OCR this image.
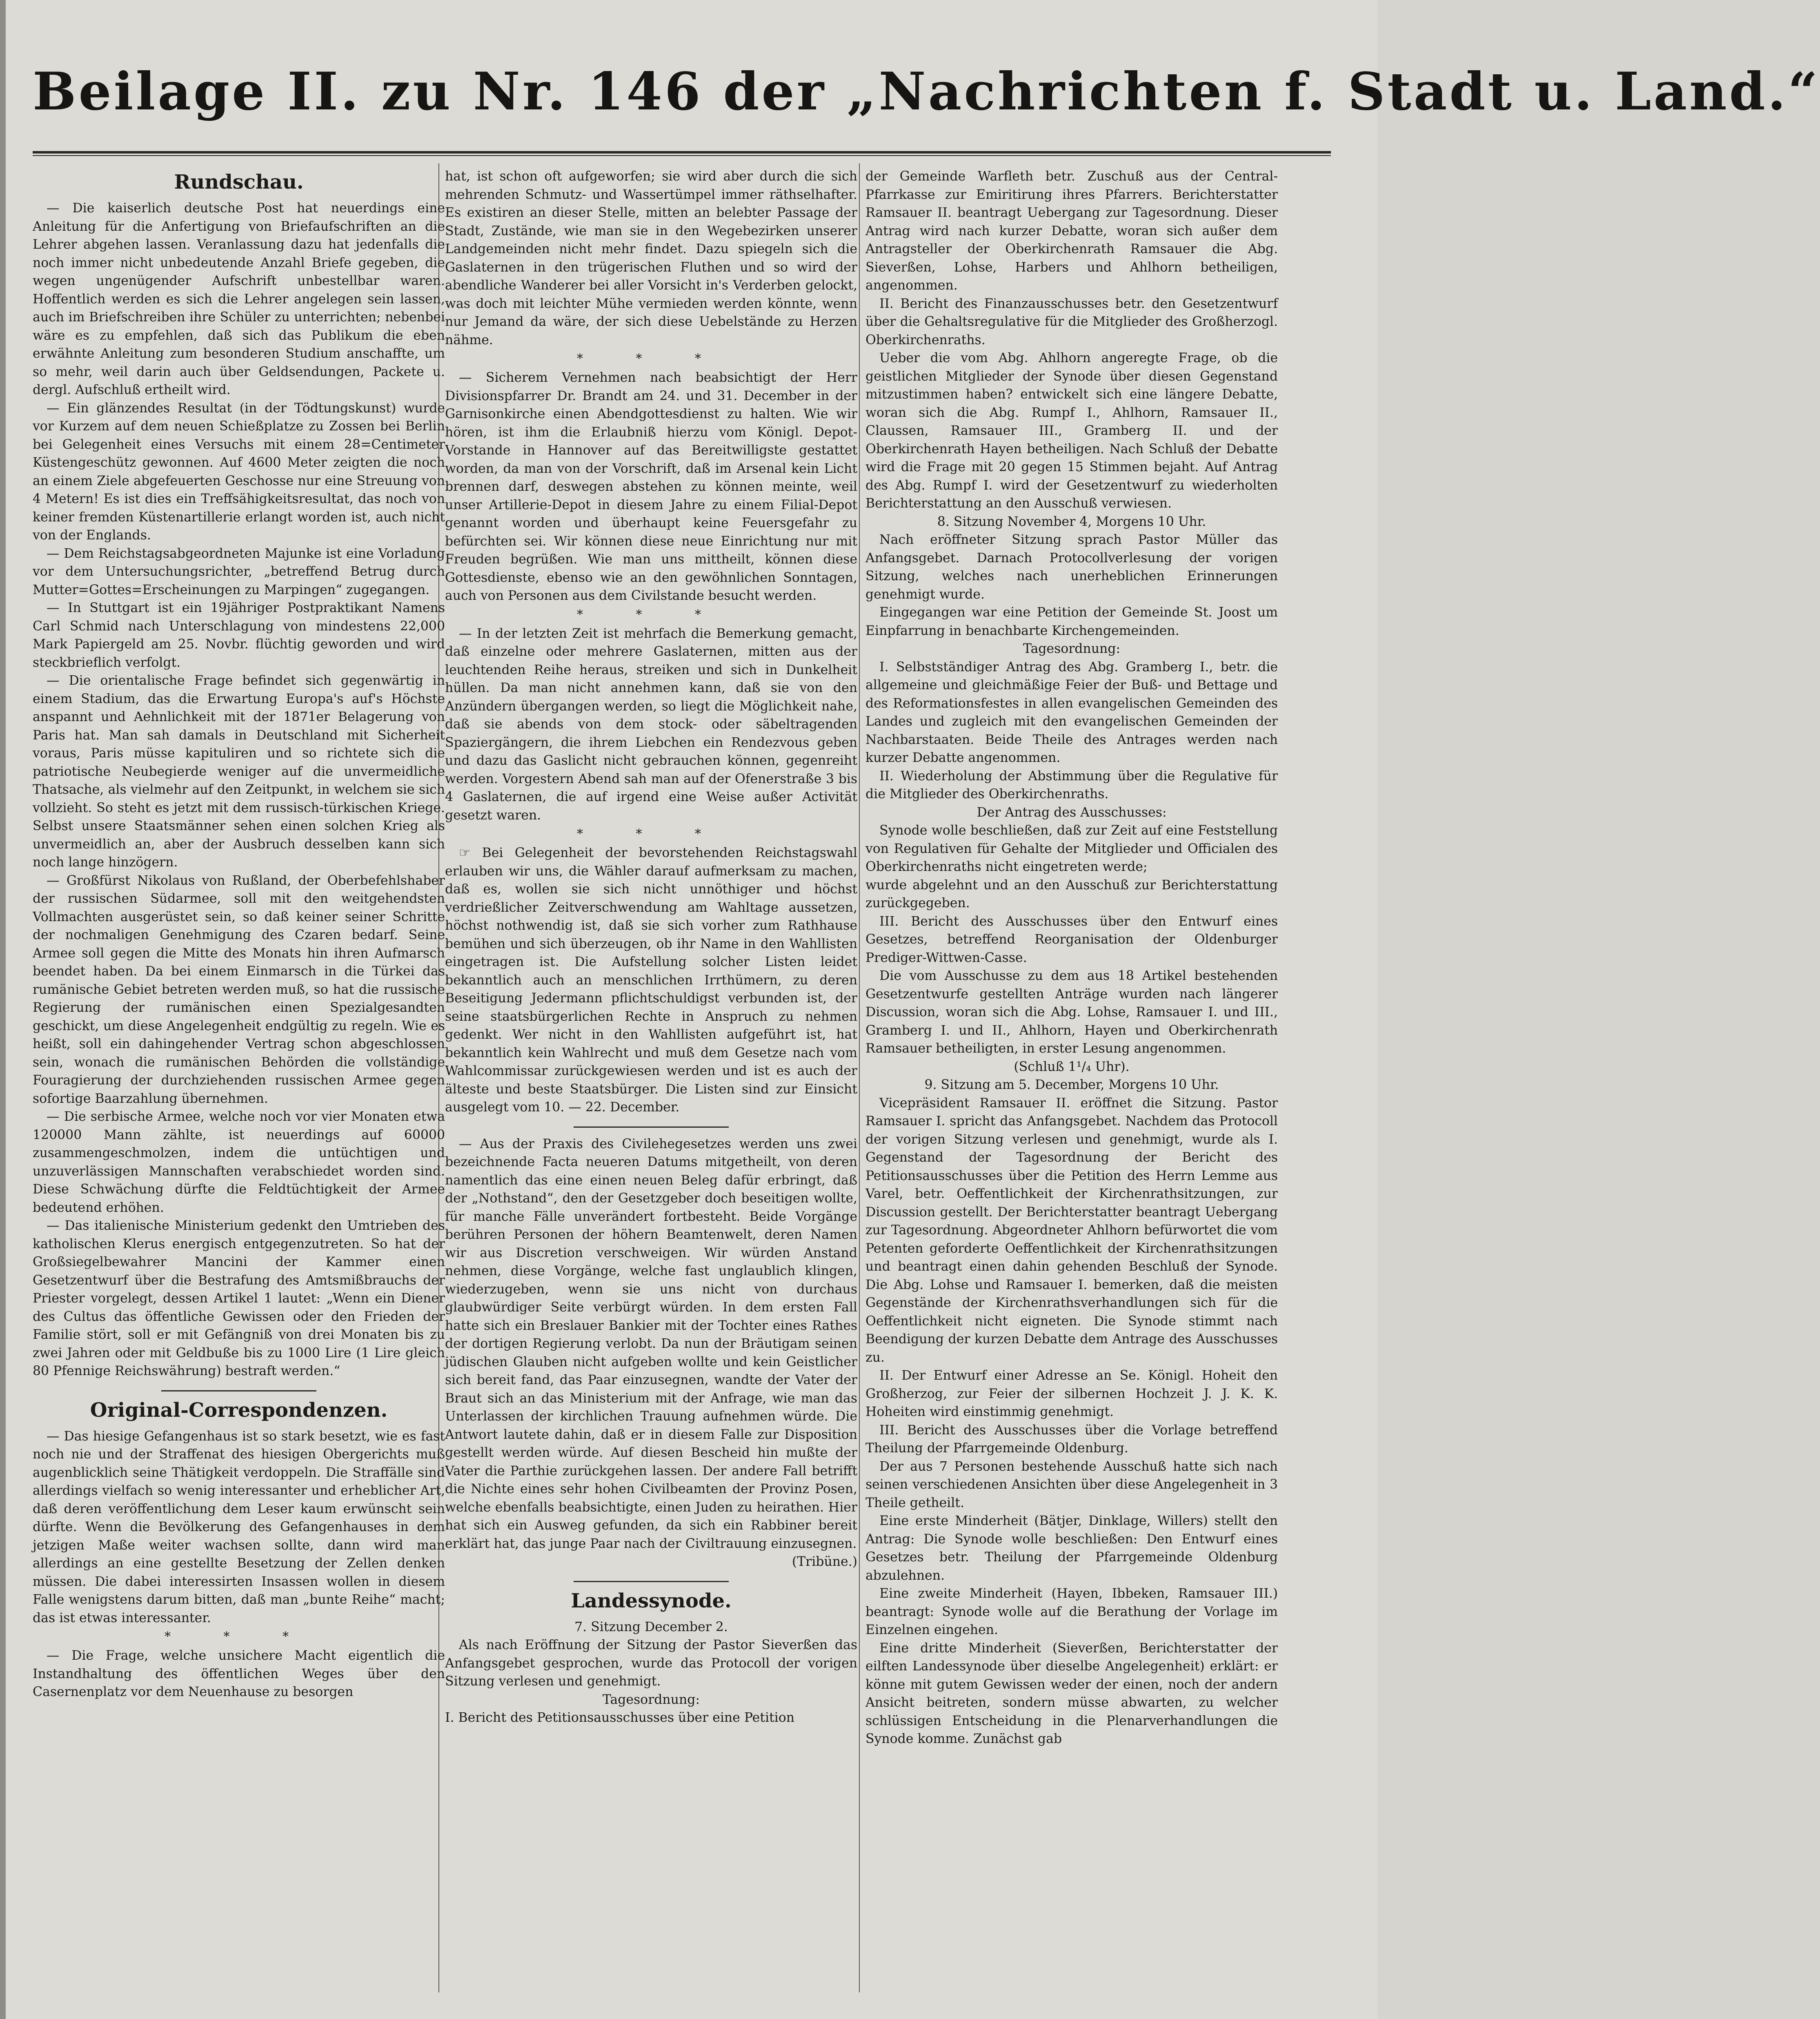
Beilage II. zu Nr. 146 der „Nachrichten f. Stadt u. Land.“
Rundschau.

— Die kaiserlich deutsche Post hat neuerdings eine Anleitung für die Anfertigung von Briefaufschriften an die Lehrer abgehen lassen. Veranlassung dazu hat jedenfalls die noch immer nicht unbedeutende Anzahl Briefe gegeben, die wegen ungenügender Aufschrift unbestellbar waren. Hoffentlich werden es sich die Lehrer angelegen sein lassen, auch im Briefschreiben ihre Schüler zu unterrichten; nebenbei wäre es zu empfehlen, daß sich das Publikum die eben erwähnte Anleitung zum besonderen Studium anschaffte, um so mehr, weil darin auch über Geldsendungen, Packete u. dergl. Aufschluß ertheilt wird.

— Ein glänzendes Resultat (in der Tödtungskunst) wurde vor Kurzem auf dem neuen Schießplatze zu Zossen bei Berlin bei Gelegenheit eines Versuchs mit einem 28=Centimeter Küstengeschütz gewonnen. Auf 4600 Meter zeigten die noch an einem Ziele abgefeuerten Geschosse nur eine Streuung von 4 Metern! Es ist dies ein Treffsähigkeitsresultat, das noch von keiner fremden Küstenartillerie erlangt worden ist, auch nicht von der Englands.

— Dem Reichstagsabgeordneten Majunke ist eine Vorladung vor dem Untersuchungsrichter, „betreffend Betrug durch Mutter=Gottes=Erscheinungen zu Marpingen“ zugegangen.

— In Stuttgart ist ein 19jähriger Postpraktikant Namens Carl Schmid nach Unterschlagung von mindestens 22,000 Mark Papiergeld am 25. Novbr. flüchtig geworden und wird steckbrieflich verfolgt.

— Die orientalische Frage befindet sich gegenwärtig in einem Stadium, das die Erwartung Europa's auf's Höchste anspannt und Aehnlichkeit mit der 1871er Belagerung von Paris hat. Man sah damals in Deutschland mit Sicherheit voraus, Paris müsse kapituliren und so richtete sich die patriotische Neubegierde weniger auf die unvermeidliche Thatsache, als vielmehr auf den Zeitpunkt, in welchem sie sich vollzieht. So steht es jetzt mit dem russisch-türkischen Kriege. Selbst unsere Staatsmänner sehen einen solchen Krieg als unvermeidlich an, aber der Ausbruch desselben kann sich noch lange hinzögern.

— Großfürst Nikolaus von Rußland, der Oberbefehlshaber der russischen Südarmee, soll mit den weitgehendsten Vollmachten ausgerüstet sein, so daß keiner seiner Schritte der nochmaligen Genehmigung des Czaren bedarf. Seine Armee soll gegen die Mitte des Monats hin ihren Aufmarsch beendet haben. Da bei einem Einmarsch in die Türkei das rumänische Gebiet betreten werden muß, so hat die russische Regierung der rumänischen einen Spezialgesandten geschickt, um diese Angelegenheit endgültig zu regeln. Wie es heißt, soll ein dahingehender Vertrag schon abgeschlossen sein, wonach die rumänischen Behörden die vollständige Fouragierung der durchziehenden russischen Armee gegen sofortige Baarzahlung übernehmen.

— Die serbische Armee, welche noch vor vier Monaten etwa 120000 Mann zählte, ist neuerdings auf 60000 zusammengeschmolzen, indem die untüchtigen und unzuverlässigen Mannschaften verabschiedet worden sind. Diese Schwächung dürfte die Feldtüchtigkeit der Armee bedeutend erhöhen.

— Das italienische Ministerium gedenkt den Umtrieben des katholischen Klerus energisch entgegenzutreten. So hat der Großsiegelbewahrer Mancini der Kammer einen Gesetzentwurf über die Bestrafung des Amtsmißbrauchs der Priester vorgelegt, dessen Artikel 1 lautet: „Wenn ein Diener des Cultus das öffentliche Gewissen oder den Frieden der Familie stört, soll er mit Gefängniß von drei Monaten bis zu zwei Jahren oder mit Geldbuße bis zu 1000 Lire (1 Lire gleich 80 Pfennige Reichswährung) bestraft werden.“

Original-Correspondenzen.

— Das hiesige Gefangenhaus ist so stark besetzt, wie es fast noch nie und der Straffenat des hiesigen Obergerichts muß augenblicklich seine Thätigkeit verdoppeln. Die Straffälle sind allerdings vielfach so wenig interessanter und erheblicher Art, daß deren veröffentlichung dem Leser kaum erwünscht sein dürfte. Wenn die Bevölkerung des Gefangenhauses in dem jetzigen Maße weiter wachsen sollte, dann wird man allerdings an eine gestellte Besetzung der Zellen denken müssen. Die dabei interessirten Insassen wollen in diesem Falle wenigstens darum bitten, daß man „bunte Reihe“ macht; das ist etwas interessanter.

* * *

— Die Frage, welche unsichere Macht eigentlich die Instandhaltung des öffentlichen Weges über den Casernenplatz vor dem Neuenhause zu besorgen

hat, ist schon oft aufgeworfen; sie wird aber durch die sich mehrenden Schmutz- und Wassertümpel immer räthselhafter. Es existiren an dieser Stelle, mitten an belebter Passage der Stadt, Zustände, wie man sie in den Wegebezirken unserer Landgemeinden nicht mehr findet. Dazu spiegeln sich die Gaslaternen in den trügerischen Fluthen und so wird der abendliche Wanderer bei aller Vorsicht in's Verderben gelockt, was doch mit leichter Mühe vermieden werden könnte, wenn nur Jemand da wäre, der sich diese Uebelstände zu Herzen nähme.

* * *

— Sicherem Vernehmen nach beabsichtigt der Herr Divisionspfarrer Dr. Brandt am 24. und 31. December in der Garnisonkirche einen Abendgottesdienst zu halten. Wie wir hören, ist ihm die Erlaubniß hierzu vom Königl. Depot-Vorstande in Hannover auf das Bereitwilligste gestattet worden, da man von der Vorschrift, daß im Arsenal kein Licht brennen darf, deswegen abstehen zu können meinte, weil unser Artillerie-Depot in diesem Jahre zu einem Filial-Depot genannt worden und überhaupt keine Feuersgefahr zu befürchten sei. Wir können diese neue Einrichtung nur mit Freuden begrüßen. Wie man uns mittheilt, können diese Gottesdienste, ebenso wie an den gewöhnlichen Sonntagen, auch von Personen aus dem Civilstande besucht werden.

* * *

— In der letzten Zeit ist mehrfach die Bemerkung gemacht, daß einzelne oder mehrere Gaslaternen, mitten aus der leuchtenden Reihe heraus, streiken und sich in Dunkelheit hüllen. Da man nicht annehmen kann, daß sie von den Anzündern übergangen werden, so liegt die Möglichkeit nahe, daß sie abends von dem stock- oder säbeltragenden Spaziergängern, die ihrem Liebchen ein Rendezvous geben und dazu das Gaslicht nicht gebrauchen können, gegenreiht werden. Vorgestern Abend sah man auf der Ofenerstraße 3 bis 4 Gaslaternen, die auf irgend eine Weise außer Activität gesetzt waren.

* * *

☞ Bei Gelegenheit der bevorstehenden Reichstagswahl erlauben wir uns, die Wähler darauf aufmerksam zu machen, daß es, wollen sie sich nicht unnöthiger und höchst verdrießlicher Zeitverschwendung am Wahltage aussetzen, höchst nothwendig ist, daß sie sich vorher zum Rathhause bemühen und sich überzeugen, ob ihr Name in den Wahllisten eingetragen ist. Die Aufstellung solcher Listen leidet bekanntlich auch an menschlichen Irrthümern, zu deren Beseitigung Jedermann pflichtschuldigst verbunden ist, der seine staatsbürgerlichen Rechte in Anspruch zu nehmen gedenkt. Wer nicht in den Wahllisten aufgeführt ist, hat bekanntlich kein Wahlrecht und muß dem Gesetze nach vom Wahlcommissar zurückgewiesen werden und ist es auch der älteste und beste Staatsbürger. Die Listen sind zur Einsicht ausgelegt vom 10. — 22. December.

— Aus der Praxis des Civilehegesetzes werden uns zwei bezeichnende Facta neueren Datums mitgetheilt, von deren namentlich das eine einen neuen Beleg dafür erbringt, daß der „Nothstand“, den der Gesetzgeber doch beseitigen wollte, für manche Fälle unverändert fortbesteht. Beide Vorgänge berühren Personen der höhern Beamtenwelt, deren Namen wir aus Discretion verschweigen. Wir würden Anstand nehmen, diese Vorgänge, welche fast unglaublich klingen, wiederzugeben, wenn sie uns nicht von durchaus glaubwürdiger Seite verbürgt würden. In dem ersten Fall hatte sich ein Breslauer Bankier mit der Tochter eines Rathes der dortigen Regierung verlobt. Da nun der Bräutigam seinen jüdischen Glauben nicht aufgeben wollte und kein Geistlicher sich bereit fand, das Paar einzusegnen, wandte der Vater der Braut sich an das Ministerium mit der Anfrage, wie man das Unterlassen der kirchlichen Trauung aufnehmen würde. Die Antwort lautete dahin, daß er in diesem Falle zur Disposition gestellt werden würde. Auf diesen Bescheid hin mußte der Vater die Parthie zurückgehen lassen. Der andere Fall betrifft die Nichte eines sehr hohen Civilbeamten der Provinz Posen, welche ebenfalls beabsichtigte, einen Juden zu heirathen. Hier hat sich ein Ausweg gefunden, da sich ein Rabbiner bereit erklärt hat, das junge Paar nach der Civiltrauung einzusegnen.

(Tribüne.)

Landessynode.

7. Sitzung December 2.

Als nach Eröffnung der Sitzung der Pastor Sieverßen das Anfangsgebet gesprochen, wurde das Protocoll der vorigen Sitzung verlesen und genehmigt.

Tagesordnung:

I. Bericht des Petitionsausschusses über eine Petition

der Gemeinde Warfleth betr. Zuschuß aus der Central-Pfarrkasse zur Emiritirung ihres Pfarrers. Berichterstatter Ramsauer II. beantragt Uebergang zur Tagesordnung. Dieser Antrag wird nach kurzer Debatte, woran sich außer dem Antragsteller der Oberkirchenrath Ramsauer die Abg. Sieverßen, Lohse, Harbers und Ahlhorn betheiligen, angenommen.

II. Bericht des Finanzausschusses betr. den Gesetzentwurf über die Gehaltsregulative für die Mitglieder des Großherzogl. Oberkirchenraths.

Ueber die vom Abg. Ahlhorn angeregte Frage, ob die geistlichen Mitglieder der Synode über diesen Gegenstand mitzustimmen haben? entwickelt sich eine längere Debatte, woran sich die Abg. Rumpf I., Ahlhorn, Ramsauer II., Claussen, Ramsauer III., Gramberg II. und der Oberkirchenrath Hayen betheiligen. Nach Schluß der Debatte wird die Frage mit 20 gegen 15 Stimmen bejaht. Auf Antrag des Abg. Rumpf I. wird der Gesetzentwurf zu wiederholten Berichterstattung an den Ausschuß verwiesen.

8. Sitzung November 4, Morgens 10 Uhr.

Nach eröffneter Sitzung sprach Pastor Müller das Anfangsgebet. Darnach Protocollverlesung der vorigen Sitzung, welches nach unerheblichen Erinnerungen genehmigt wurde.

Eingegangen war eine Petition der Gemeinde St. Joost um Einpfarrung in benachbarte Kirchengemeinden.

Tagesordnung:

I. Selbstständiger Antrag des Abg. Gramberg I., betr. die allgemeine und gleichmäßige Feier der Buß- und Bettage und des Reformationsfestes in allen evangelischen Gemeinden des Landes und zugleich mit den evangelischen Gemeinden der Nachbarstaaten. Beide Theile des Antrages werden nach kurzer Debatte angenommen.

II. Wiederholung der Abstimmung über die Regulative für die Mitglieder des Oberkirchenraths.

Der Antrag des Ausschusses:

Synode wolle beschließen, daß zur Zeit auf eine Feststellung von Regulativen für Gehalte der Mitglieder und Officialen des Oberkirchenraths nicht eingetreten werde;

wurde abgelehnt und an den Ausschuß zur Berichterstattung zurückgegeben.

III. Bericht des Ausschusses über den Entwurf eines Gesetzes, betreffend Reorganisation der Oldenburger Prediger-Wittwen-Casse.

Die vom Ausschusse zu dem aus 18 Artikel bestehenden Gesetzentwurfe gestellten Anträge wurden nach längerer Discussion, woran sich die Abg. Lohse, Ramsauer I. und III., Gramberg I. und II., Ahlhorn, Hayen und Oberkirchenrath Ramsauer betheiligten, in erster Lesung angenommen.

(Schluß 1¹/₄ Uhr).

9. Sitzung am 5. December, Morgens 10 Uhr.

Vicepräsident Ramsauer II. eröffnet die Sitzung. Pastor Ramsauer I. spricht das Anfangsgebet. Nachdem das Protocoll der vorigen Sitzung verlesen und genehmigt, wurde als I. Gegenstand der Tagesordnung der Bericht des Petitionsausschusses über die Petition des Herrn Lemme aus Varel, betr. Oeffentlichkeit der Kirchenrathsitzungen, zur Discussion gestellt. Der Berichterstatter beantragt Uebergang zur Tagesordnung. Abgeordneter Ahlhorn befürwortet die vom Petenten geforderte Oeffentlichkeit der Kirchenrathsitzungen und beantragt einen dahin gehenden Beschluß der Synode. Die Abg. Lohse und Ramsauer I. bemerken, daß die meisten Gegenstände der Kirchenrathsverhandlungen sich für die Oeffentlichkeit nicht eigneten. Die Synode stimmt nach Beendigung der kurzen Debatte dem Antrage des Ausschusses zu.

II. Der Entwurf einer Adresse an Se. Königl. Hoheit den Großherzog, zur Feier der silbernen Hochzeit J. J. K. K. Hoheiten wird einstimmig genehmigt.

III. Bericht des Ausschusses über die Vorlage betreffend Theilung der Pfarrgemeinde Oldenburg.

Der aus 7 Personen bestehende Ausschuß hatte sich nach seinen verschiedenen Ansichten über diese Angelegenheit in 3 Theile getheilt.

Eine erste Minderheit (Bätjer, Dinklage, Willers) stellt den Antrag: Die Synode wolle beschließen: Den Entwurf eines Gesetzes betr. Theilung der Pfarrgemeinde Oldenburg abzulehnen.

Eine zweite Minderheit (Hayen, Ibbeken, Ramsauer III.) beantragt: Synode wolle auf die Berathung der Vorlage im Einzelnen eingehen.

Eine dritte Minderheit (Sieverßen, Berichterstatter der eilften Landessynode über dieselbe Angelegenheit) erklärt: er könne mit gutem Gewissen weder der einen, noch der andern Ansicht beitreten, sondern müsse abwarten, zu welcher schlüssigen Entscheidung in die Plenarverhandlungen die Synode komme. Zunächst gab
